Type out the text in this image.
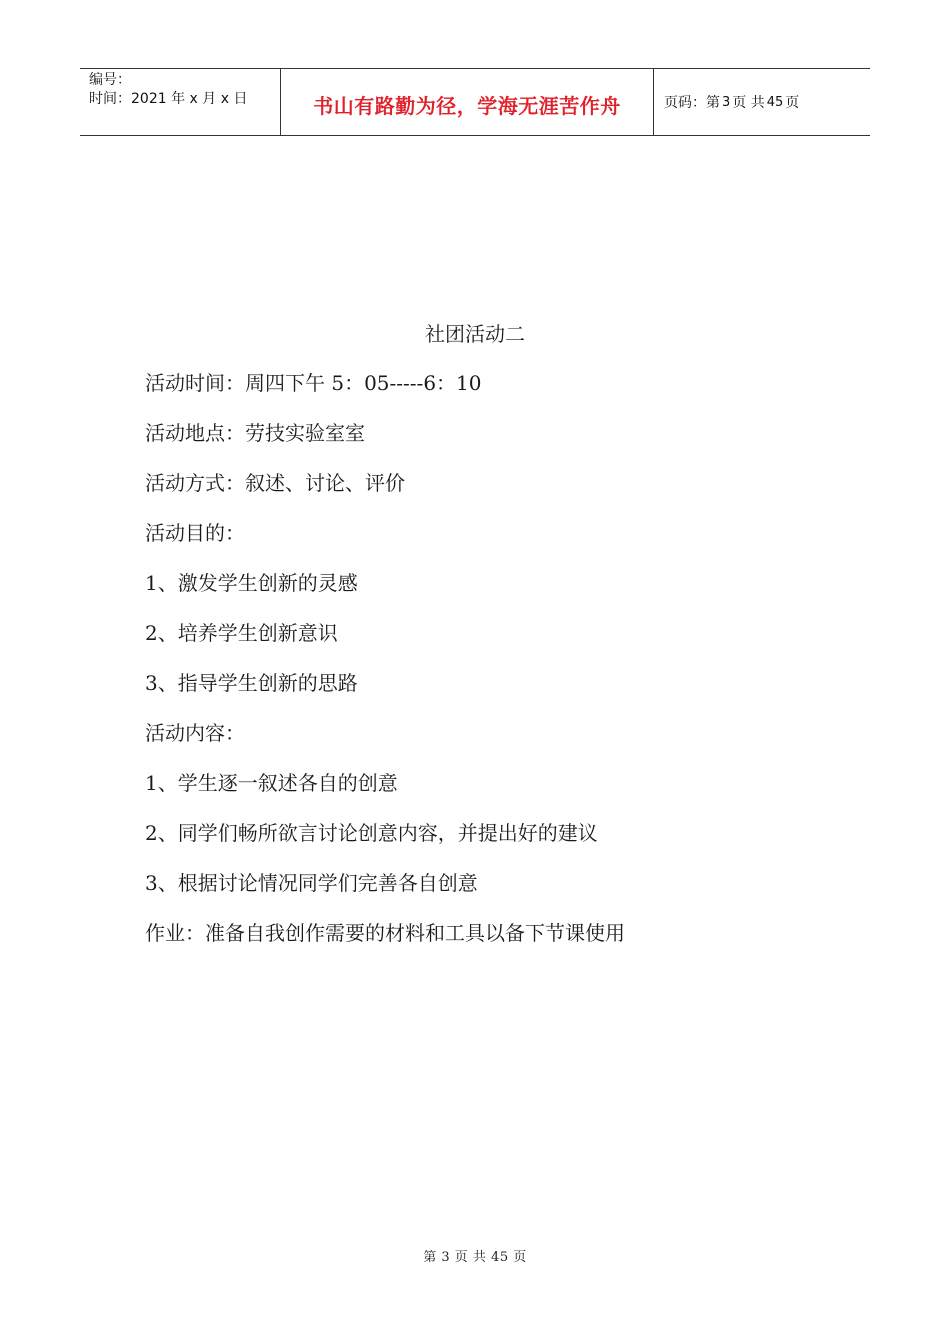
编号：
时间：2021 年 x 月 x 日	书山有路勤为径，学海无涯苦作舟	页码：第 3 页 共 45 页
社团活动二
活动时间：周四下午 5：05-----6：10
活动地点：劳技实验室室
活动方式：叙述、讨论、评价
活动目的：
1、激发学生创新的灵感
2、培养学生创新意识
3、指导学生创新的思路
活动内容：
1、学生逐一叙述各自的创意
2、同学们畅所欲言讨论创意内容，并提出好的建议
3、根据讨论情况同学们完善各自创意
作业：准备自我创作需要的材料和工具以备下节课使用
第 3 页 共 45 页
